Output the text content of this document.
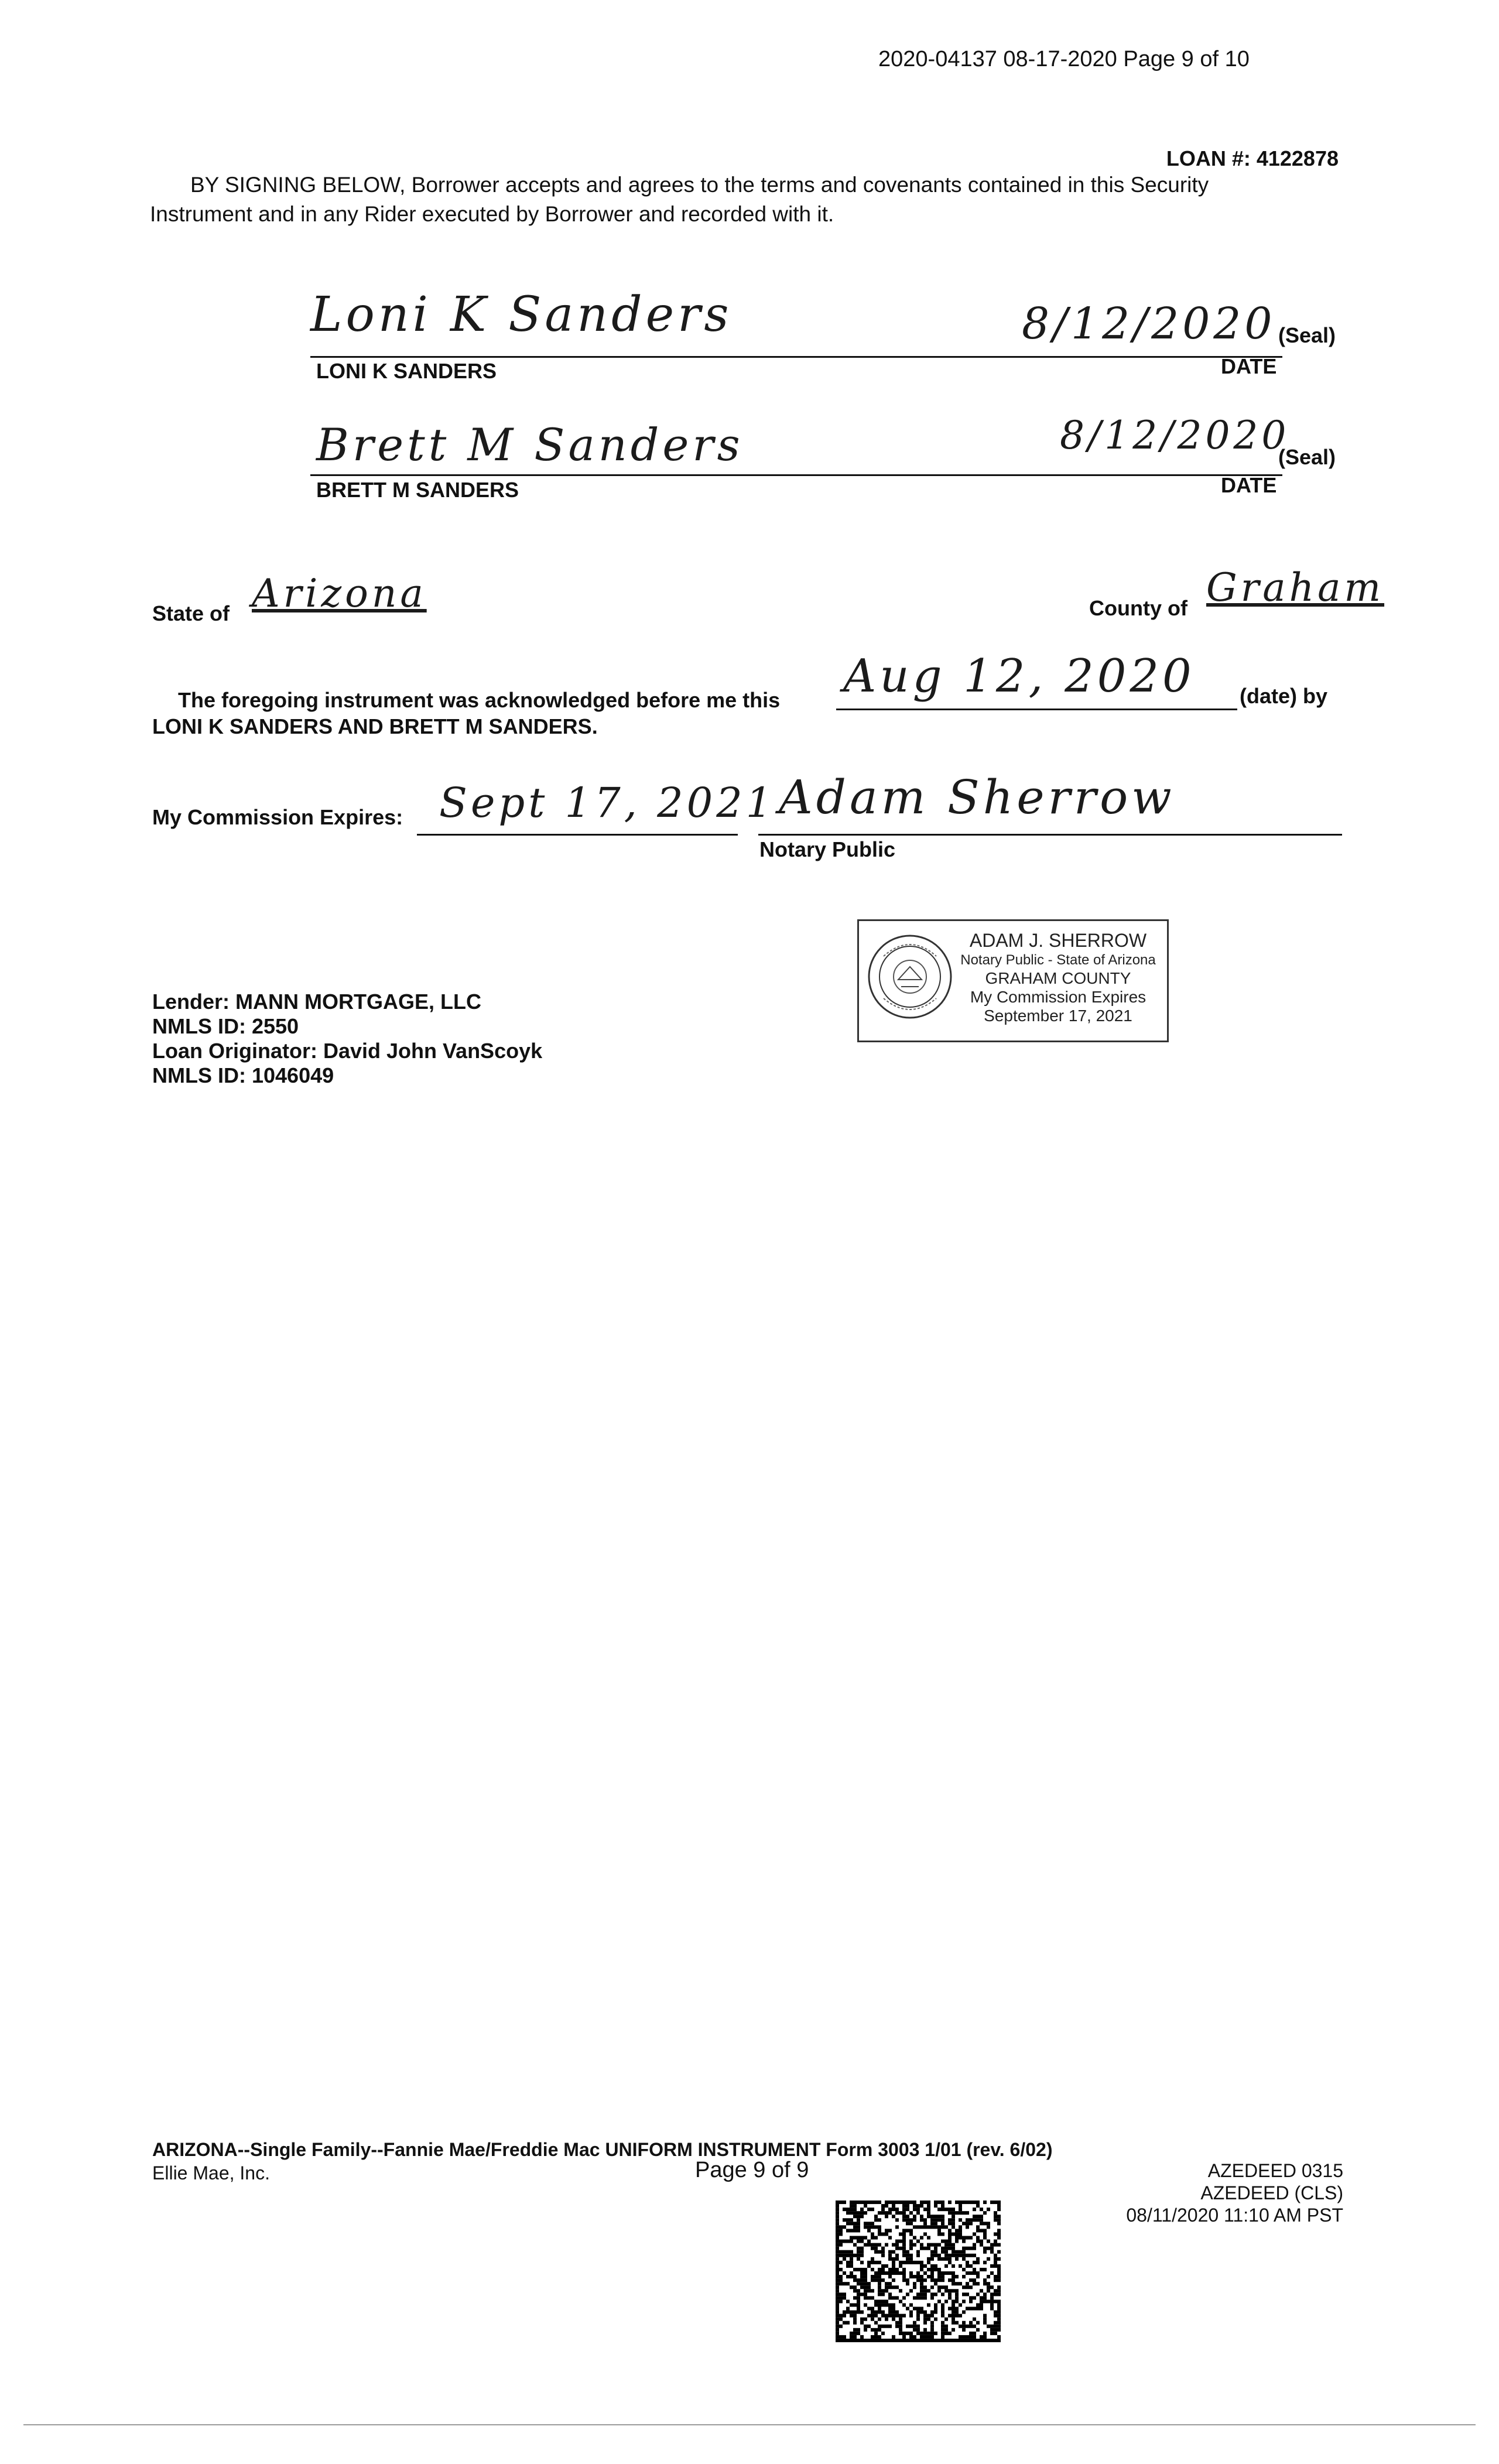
2020-04137 08-17-2020 Page 9 of 10
LOAN #: 4122878
BY SIGNING BELOW, Borrower accepts and agrees to the terms and covenants contained in this Security
Instrument and in any Rider executed by Borrower and recorded with it.
Loni K Sanders	8/12/2020
LONI K SANDERS
(Seal)
DATE
Brett M Sanders	8/12/2020
BRETT M SANDERS
(Seal)
DATE
State of Arizona	County of Graham
The foregoing instrument was acknowledged before me this Aug 12, 2020 (date) by
LONI K SANDERS AND BRETT M SANDERS.
My Commission Expires: Sept 17, 2021 Adam Sherrow
Notary Public
ADAM J. SHERROW
Notary Public - State of Arizona
GRAHAM COUNTY
My Commission Expires
September 17, 2021
Lender: MANN MORTGAGE, LLC
NMLS ID: 2550
Loan Originator: David John VanScoyk
NMLS ID: 1046049
ARIZONA--Single Family--Fannie Mae/Freddie Mac UNIFORM INSTRUMENT Form 3003 1/01 (rev. 6/02)
Ellie Mae, Inc.	Page 9 of 9	AZEDEED 0315
AZEDEED (CLS)
08/11/2020 11:10 AM PST
